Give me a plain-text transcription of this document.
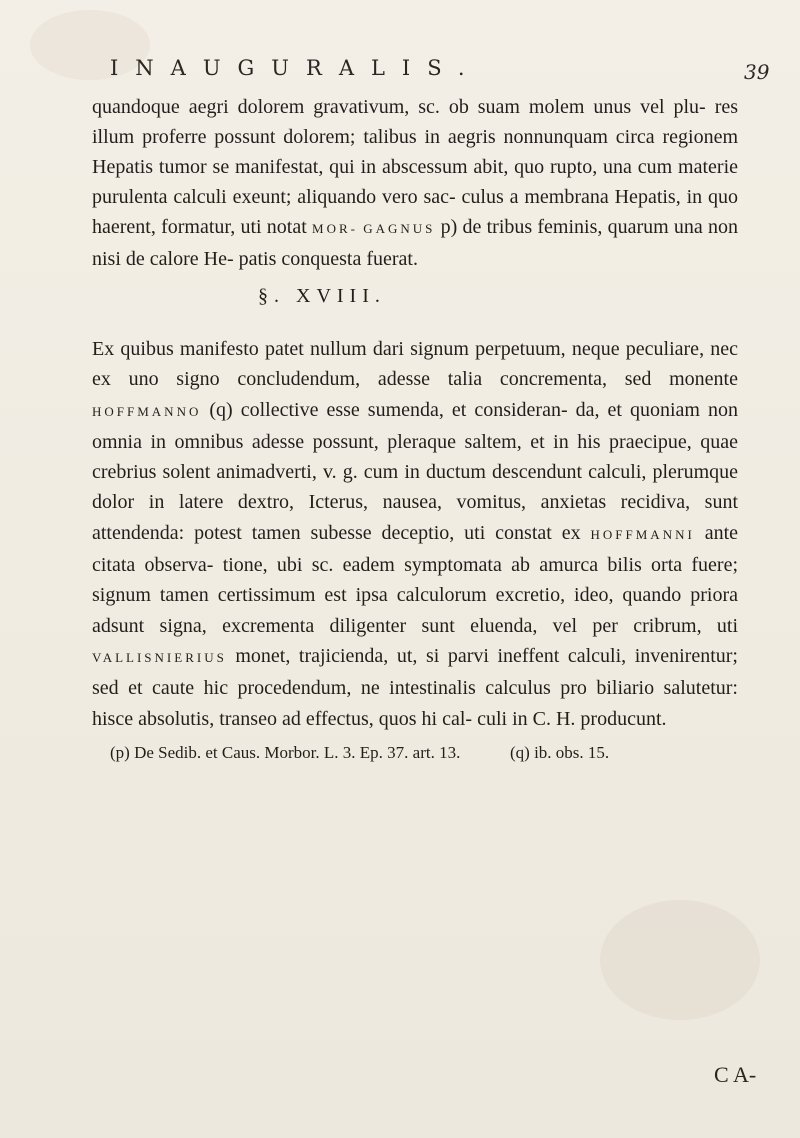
INAUGURALIS.	39
quandoque aegri dolorem gravativum, sc. ob suam molem unus vel plu- res illum proferre possunt dolorem; talibus in aegris nonnunquam circa regionem Hepatis tumor se manifestat, qui in abscessum abit, quo rupto, una cum materie purulenta calculi exeunt; aliquando vero sac- culus a membrana Hepatis, in quo haerent, formatur, uti notat MOR- GAGNUS p) de tribus feminis, quarum una non nisi de calore He- patis conquesta fuerat.
§. XVIII.
Ex quibus manifesto patet nullum dari signum perpetuum, neque peculiare, nec ex uno signo concludendum, adesse talia concrementa, sed monente HOFFMANNO (q) collective esse sumenda, et consideran- da, et quoniam non omnia in omnibus adesse possunt, pleraque saltem, et in his praecipue, quae crebrius solent animadverti, v. g. cum in ductum descendunt calculi, plerumque dolor in latere dextro, Icterus, nausea, vomitus, anxietas recidiva, sunt attendenda: potest tamen subesse deceptio, uti constat ex HOFFMANNI ante citata observa- tione, ubi sc. eadem symptomata ab amurca bilis orta fuere; signum tamen certissimum est ipsa calculorum excretio, ideo, quando priora adsunt signa, excrementa diligenter sunt eluenda, vel per cribrum, uti VALLISNIERIUS monet, trajicienda, ut, si parvi ineffent calculi, invenirentur; sed et caute hic procedendum, ne intestinalis calculus pro biliario salutetur: hisce absolutis, transeo ad effectus, quos hi cal- culi in C. H. producunt.
(p) De Sedib. et Caus. Morbor. L. 3. Ep. 37. art. 13.	(q) ib. obs. 15.
C A-
